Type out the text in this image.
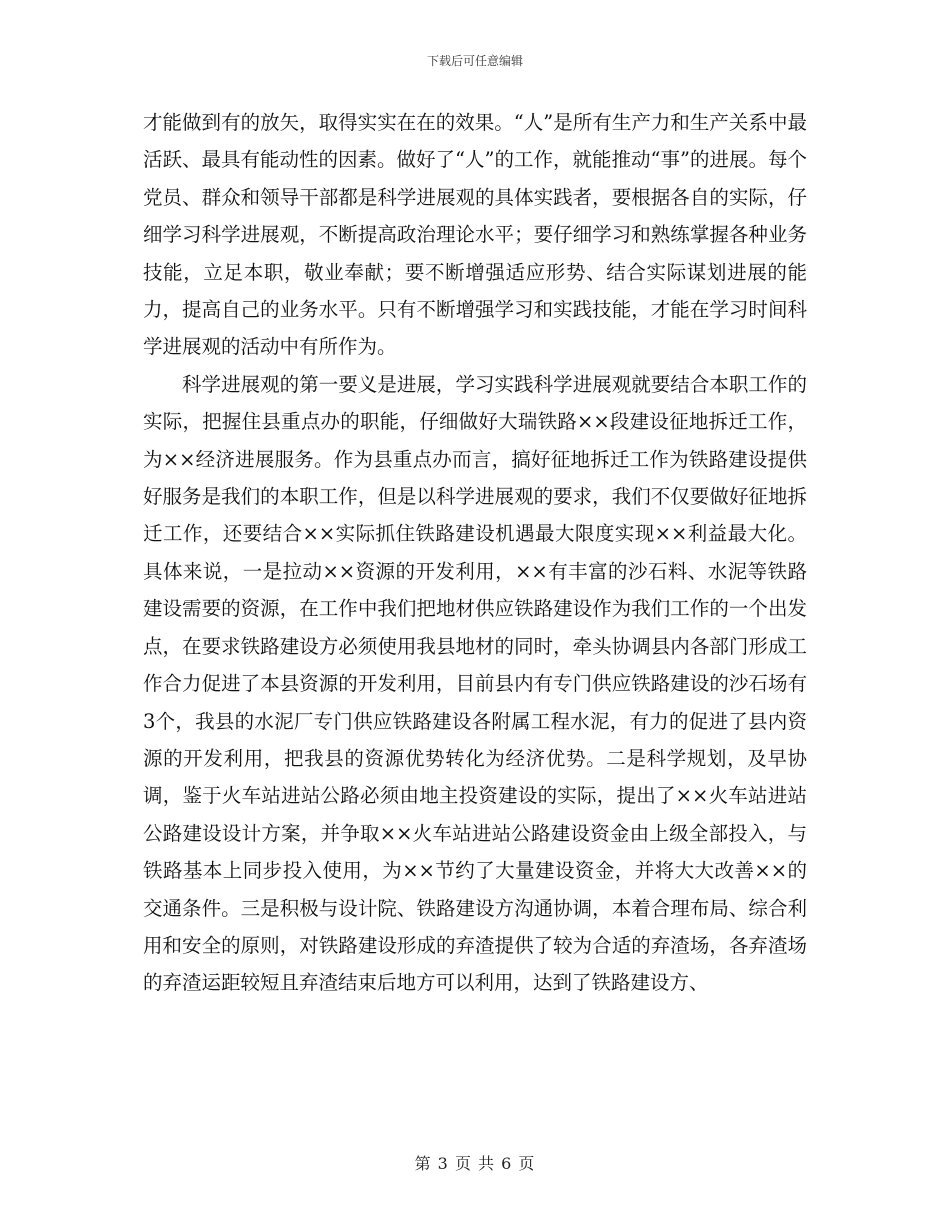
下载后可任意编辑

才能做到有的放矢，取得实实在在的效果。“人”是所有生产力和生产关系中最活跃、最具有能动性的因素。做好了“人”的工作，就能推动“事”的进展。每个党员、群众和领导干部都是科学进展观的具体实践者，要根据各自的实际，仔细学习科学进展观，不断提高政治理论水平；要仔细学习和熟练掌握各种业务技能，立足本职，敬业奉献；要不断增强适应形势、结合实际谋划进展的能力，提高自己的业务水平。只有不断增强学习和实践技能，才能在学习时间科学进展观的活动中有所作为。

科学进展观的第一要义是进展，学习实践科学进展观就要结合本职工作的实际，把握住县重点办的职能，仔细做好大瑞铁路××段建设征地拆迁工作，为××经济进展服务。作为县重点办而言，搞好征地拆迁工作为铁路建设提供好服务是我们的本职工作，但是以科学进展观的要求，我们不仅要做好征地拆迁工作，还要结合××实际抓住铁路建设机遇最大限度实现××利益最大化。具体来说，一是拉动××资源的开发利用，××有丰富的沙石料、水泥等铁路建设需要的资源，在工作中我们把地材供应铁路建设作为我们工作的一个出发点，在要求铁路建设方必须使用我县地材的同时，牵头协调县内各部门形成工作合力促进了本县资源的开发利用，目前县内有专门供应铁路建设的沙石场有3个，我县的水泥厂专门供应铁路建设各附属工程水泥，有力的促进了县内资源的开发利用，把我县的资源优势转化为经济优势。二是科学规划，及早协调，鉴于火车站进站公路必须由地主投资建设的实际，提出了××火车站进站公路建设设计方案，并争取××火车站进站公路建设资金由上级全部投入，与铁路基本上同步投入使用，为××节约了大量建设资金，并将大大改善××的交通条件。三是积极与设计院、铁路建设方沟通协调，本着合理布局、综合利用和安全的原则，对铁路建设形成的弃渣提供了较为合适的弃渣场，各弃渣场的弃渣运距较短且弃渣结束后地方可以利用，达到了铁路建设方、

第 3 页 共 6 页
